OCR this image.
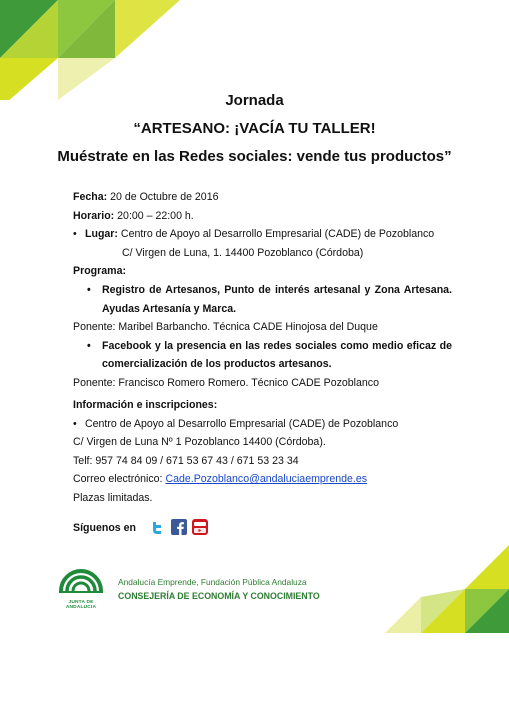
Jornada
“ARTESANO: ¡VACÍA TU TALLER!
Muéstrate en las Redes sociales: vende tus productos”
Fecha: 20 de Octubre de 2016
Horario: 20:00 – 22:00 h.
• Lugar: Centro de Apoyo al Desarrollo Empresarial (CADE) de Pozoblanco
C/ Virgen de Luna, 1. 14400 Pozoblanco (Córdoba)
Programa:
• Registro de Artesanos, Punto de interés artesanal y Zona Artesana. Ayudas Artesanía y Marca.
Ponente: Maribel Barbancho. Técnica CADE Hinojosa del Duque
• Facebook y la presencia en las redes sociales como medio eficaz de comercialización de los productos artesanos.
Ponente: Francisco Romero Romero. Técnico CADE Pozoblanco
Información e inscripciones:
• Centro de Apoyo al Desarrollo Empresarial (CADE) de Pozoblanco
C/ Virgen de Luna Nº 1 Pozoblanco 14400 (Córdoba).
Telf: 957 74 84 09 / 671 53 67 43 / 671 53 23 34
Correo electrónico: Cade.Pozoblanco@andaluciaemprende.es
Plazas limitadas.
Síguenos en
JUNTA DE ANDALUCIA
Andalucía Emprende, Fundación Pública Andaluza
CONSEJERÍA DE ECONOMÍA Y CONOCIMIENTO
